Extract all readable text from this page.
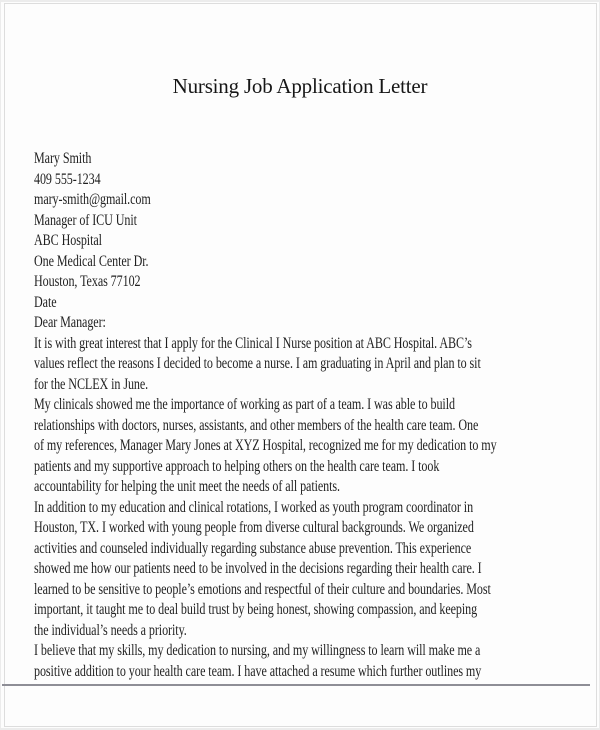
Nursing Job Application Letter
Mary Smith
409 555-1234
mary-smith@gmail.com
Manager of ICU Unit
ABC Hospital
One Medical Center Dr.
Houston, Texas 77102
Date
Dear Manager:
It is with great interest that I apply for the Clinical I Nurse position at ABC Hospital. ABC’s
values reflect the reasons I decided to become a nurse. I am graduating in April and plan to sit
for the NCLEX in June.
My clinicals showed me the importance of working as part of a team. I was able to build
relationships with doctors, nurses, assistants, and other members of the health care team. One
of my references, Manager Mary Jones at XYZ Hospital, recognized me for my dedication to my
patients and my supportive approach to helping others on the health care team. I took
accountability for helping the unit meet the needs of all patients.
In addition to my education and clinical rotations, I worked as youth program coordinator in
Houston, TX. I worked with young people from diverse cultural backgrounds. We organized
activities and counseled individually regarding substance abuse prevention. This experience
showed me how our patients need to be involved in the decisions regarding their health care. I
learned to be sensitive to people’s emotions and respectful of their culture and boundaries. Most
important, it taught me to deal build trust by being honest, showing compassion, and keeping
the individual’s needs a priority.
I believe that my skills, my dedication to nursing, and my willingness to learn will make me a
positive addition to your health care team. I have attached a resume which further outlines my
